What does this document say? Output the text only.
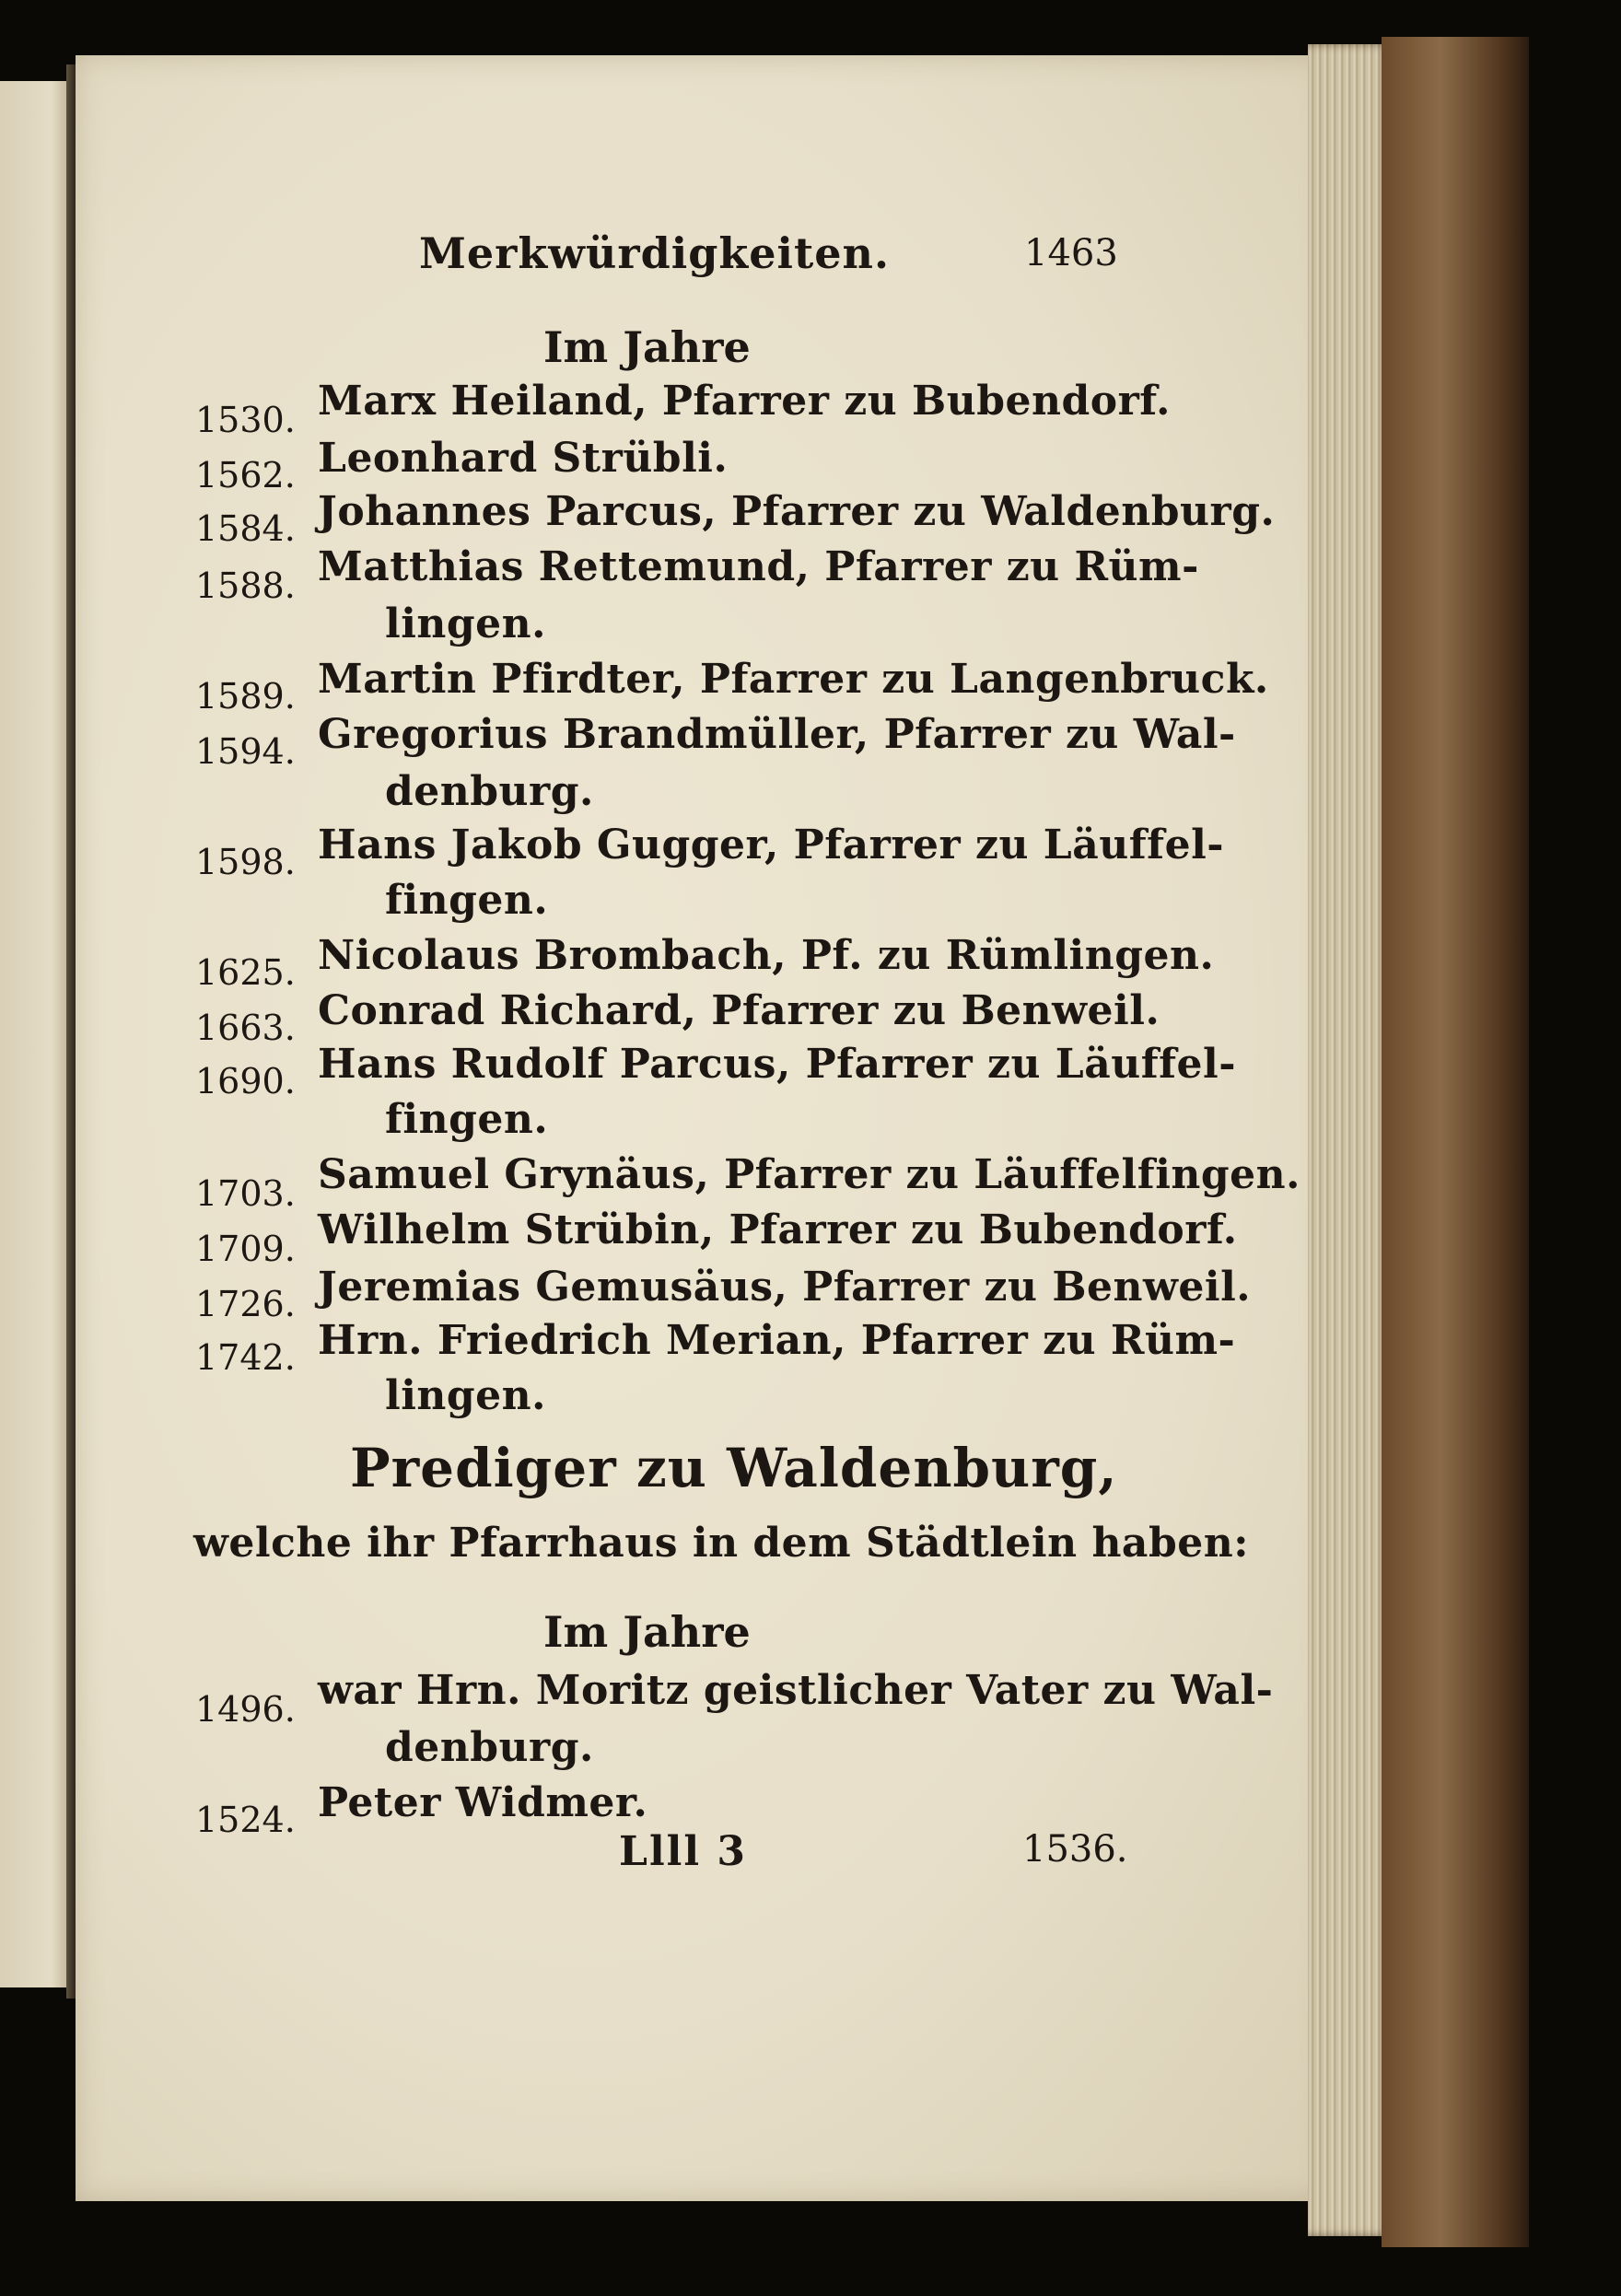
Merkwürdigkeiten.	1463
Im Jahre
1530. Marx Heiland, Pfarrer zu Bubendorf.
1562. Leonhard Strübli.
1584. Johannes Parcus, Pfarrer zu Waldenburg.
1588. Matthias Rettemund, Pfarrer zu Rüm-
lingen.
1589. Martin Pfirdter, Pfarrer zu Langenbruck.
1594. Gregorius Brandmüller, Pfarrer zu Wal-
denburg.
1598. Hans Jakob Gugger, Pfarrer zu Läuffel-
fingen.
1625. Nicolaus Brombach, Pf. zu Rümlingen.
1663. Conrad Richard, Pfarrer zu Benweil.
1690. Hans Rudolf Parcus, Pfarrer zu Läuffel-
fingen.
1703. Samuel Grynäus, Pfarrer zu Läuffelfingen.
1709. Wilhelm Strübin, Pfarrer zu Bubendorf.
1726. Jeremias Gemusäus, Pfarrer zu Benweil.
1742. Hrn. Friedrich Merian, Pfarrer zu Rüm-
lingen.
Prediger zu Waldenburg,
welche ihr Pfarrhaus in dem Städtlein haben:
Im Jahre
1496. war Hrn. Moritz geistlicher Vater zu Wal-
denburg.
1524. Peter Widmer.
Llll 3	1536.
